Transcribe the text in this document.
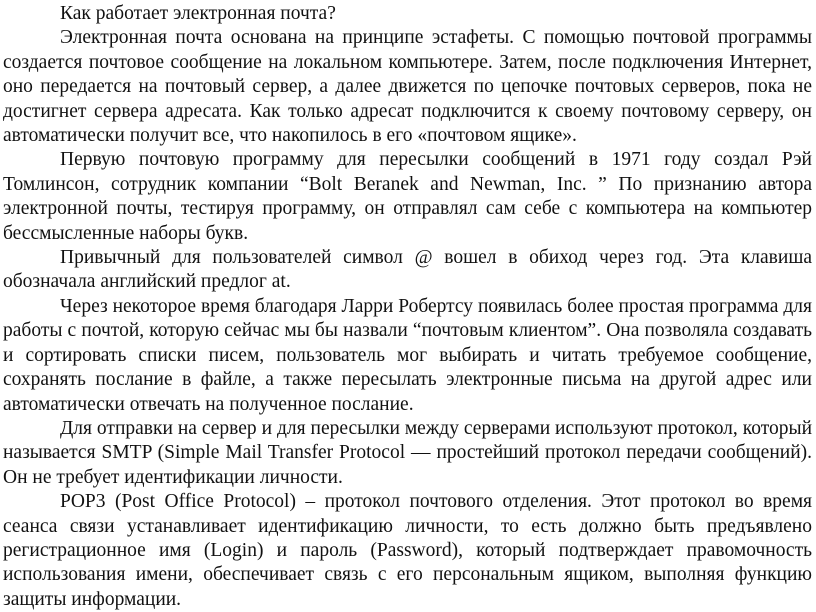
Как работает электронная почта?

Электронная почта основана на принципе эстафеты. С помощью почтовой программы создается почтовое сообщение на локальном компьютере. Затем, после подключения Интернет, оно передается на почтовый сервер, а далее движется по цепочке почтовых серверов, пока не достигнет сервера адресата. Как только адресат подключится к своему почтовому серверу, он автоматически получит все, что накопилось в его «почтовом ящике».

Первую почтовую программу для пересылки сообщений в 1971 году создал Рэй Томлинсон, сотрудник компании “Bolt Beranek and Newman, Inc. ” По признанию автора электронной почты, тестируя программу, он отправлял сам себе с компьютера на компьютер бессмысленные наборы букв.

Привычный для пользователей символ @ вошел в обиход через год. Эта клавиша обозначала английский предлог at.

Через некоторое время благодаря Ларри Робертсу появилась более простая программа для работы с почтой, которую сейчас мы бы назвали “почтовым клиентом”. Она позволяла создавать и сортировать списки писем, пользователь мог выбирать и читать требуемое сообщение, сохранять послание в файле, а также пересылать электронные письма на другой адрес или автоматически отвечать на полученное послание.

Для отправки на сервер и для пересылки между серверами используют протокол, который называется SMTP (Simple Mail Transfer Protocol — простейший протокол передачи сообщений). Он не требует идентификации личности.

POP3 (Post Office Protocol) – протокол почтового отделения. Этот протокол во время сеанса связи устанавливает идентификацию личности, то есть должно быть предъявлено регистрационное имя (Login) и пароль (Password), который подтверждает правомочность использования имени, обеспечивает связь с его персональным ящиком, выполняя функцию защиты информации.
